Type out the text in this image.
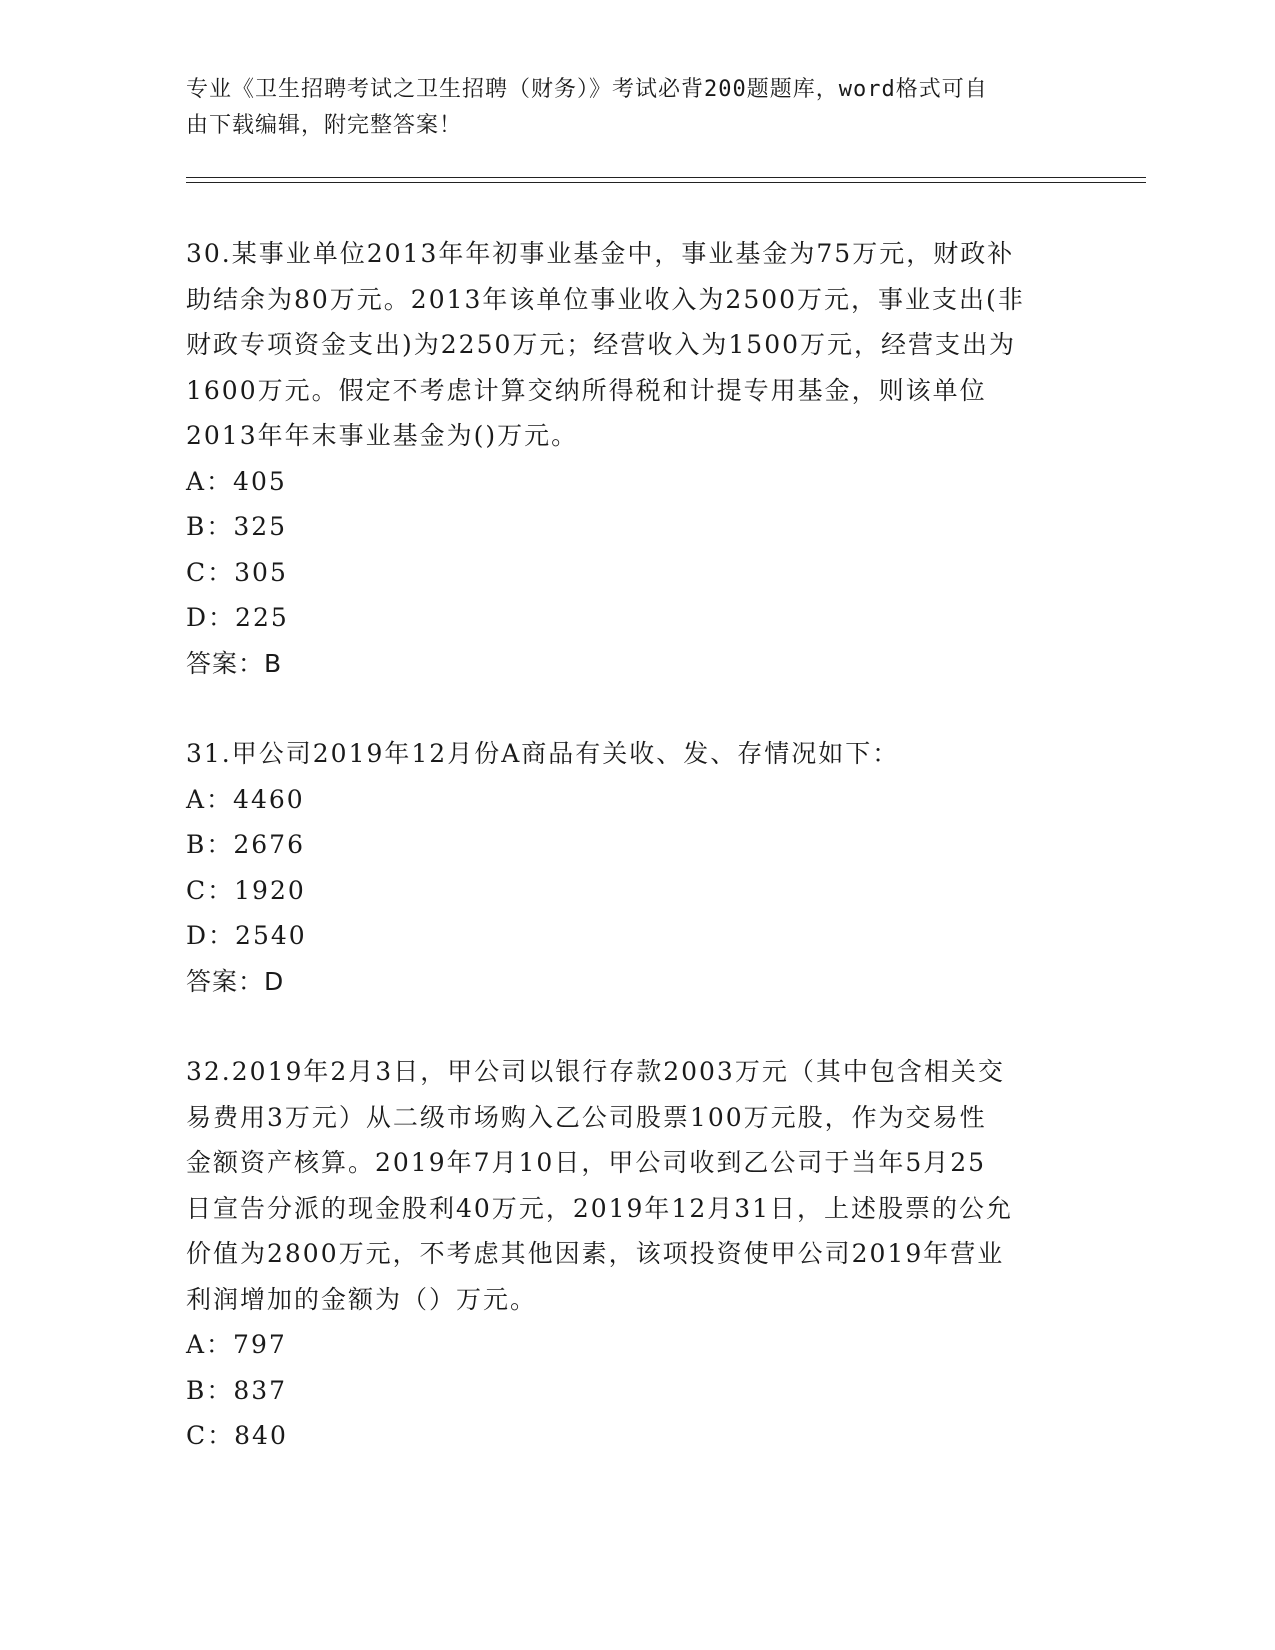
专业《卫生招聘考试之卫生招聘（财务）》考试必背200题题库，word格式可自
由下载编辑，附完整答案！

30.某事业单位2013年年初事业基金中，事业基金为75万元，财政补

助结余为80万元。2013年该单位事业收入为2500万元，事业支出(非

财政专项资金支出)为2250万元；经营收入为1500万元，经营支出为

1600万元。假定不考虑计算交纳所得税和计提专用基金，则该单位

2013年年末事业基金为()万元。

A：405

B：325

C：305

D：225

答案：B

31.甲公司2019年12月份A商品有关收、发、存情况如下：

A：4460

B：2676

C：1920

D：2540

答案：D

32.2019年2月3日，甲公司以银行存款2003万元（其中包含相关交

易费用3万元）从二级市场购入乙公司股票100万元股，作为交易性

金额资产核算。2019年7月10日，甲公司收到乙公司于当年5月25

日宣告分派的现金股利40万元，2019年12月31日，上述股票的公允

价值为2800万元，不考虑其他因素，该项投资使甲公司2019年营业

利润增加的金额为（）万元。

A：797

B：837

C：840
